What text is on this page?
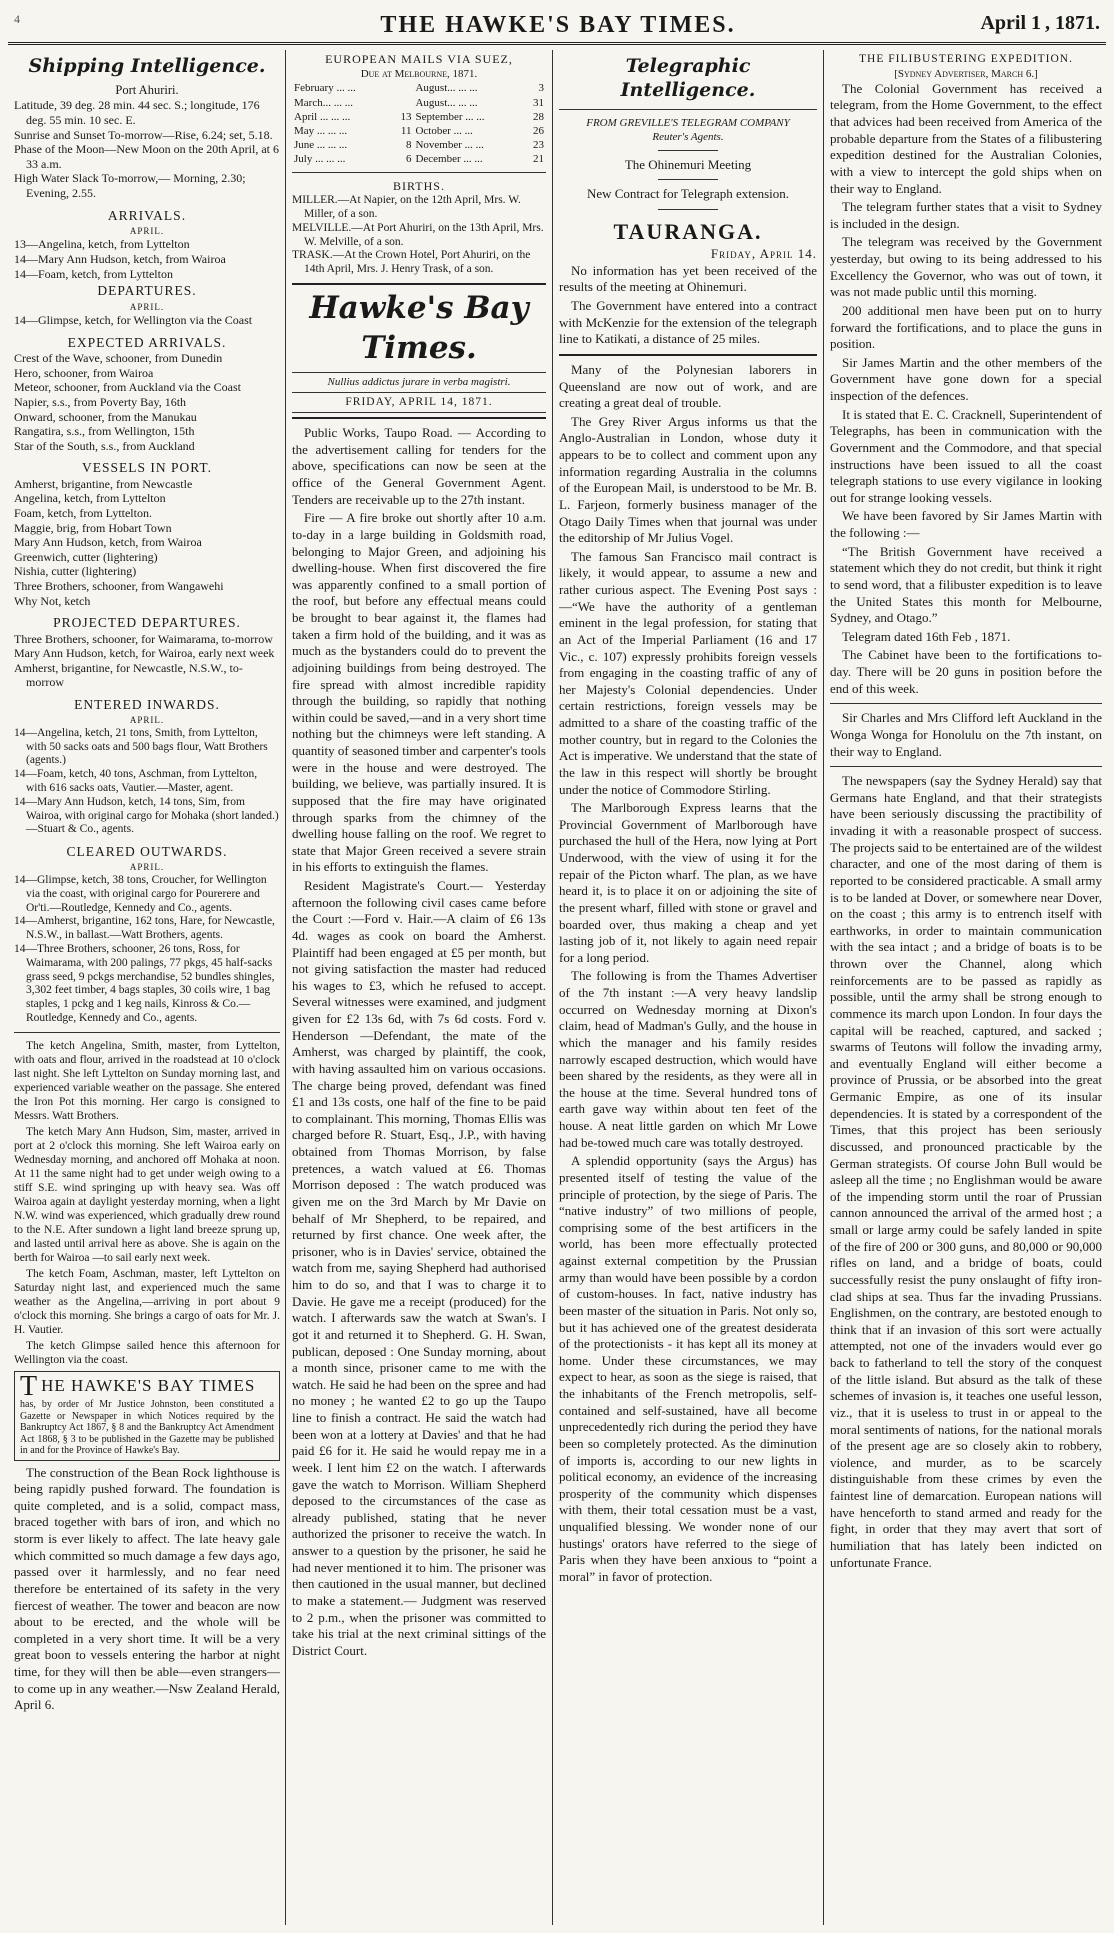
4	THE HAWKE'S BAY TIMES.	April 1 , 1871.
Shipping Intelligence.
Port Ahuriri.
Latitude, 39 deg. 28 min. 44 sec. S.; longitude, 176 deg. 55 min. 10 sec. E.
Sunrise and Sunset To-morrow—Rise, 6.24; set, 5.18.
Phase of the Moon—New Moon on the 20th April, at 6 33 a.m.
High Water Slack To-morrow,— Morning, 2.30; Evening, 2.55.
ARRIVALS.
APRIL.
13—Angelina, ketch, from Lyttelton
14—Mary Ann Hudson, ketch, from Wairoa
14—Foam, ketch, from Lyttelton
DEPARTURES.
APRIL.
14—Glimpse, ketch, for Wellington via the Coast
EXPECTED ARRIVALS.
Crest of the Wave, schooner, from Dunedin
Hero, schooner, from Wairoa
Meteor, schooner, from Auckland via the Coast
Napier, s.s., from Poverty Bay, 16th
Onward, schooner, from the Manukau
Rangatira, s.s., from Wellington, 15th
Star of the South, s.s., from Auckland
VESSELS IN PORT.
Amherst, brigantine, from Newcastle
Angelina, ketch, from Lyttelton
Foam, ketch, from Lyttelton.
Maggie, brig, from Hobart Town
Mary Ann Hudson, ketch, from Wairoa
Greenwich, cutter (lightering)
Nishia, cutter (lightering)
Three Brothers, schooner, from Wangawehi
Why Not, ketch
PROJECTED DEPARTURES.
Three Brothers, schooner, for Waimarama, to-morrow
Mary Ann Hudson, ketch, for Wairoa, early next week
Amherst, brigantine, for Newcastle, N.S.W., to-morrow
ENTERED INWARDS.
APRIL.
14—Angelina, ketch, 21 tons, Smith, from Lyttelton, with 50 sacks oats and 500 bags flour, Watt Brothers (agents.)
14—Foam, ketch, 40 tons, Aschman, from Lyttelton, with 616 sacks oats, Vautier.—Master, agent.
14—Mary Ann Hudson, ketch, 14 tons, Sim, from Wairoa, with original cargo for Mohaka (short landed.)—Stuart & Co., agents.
CLEARED OUTWARDS.
APRIL.
14—Glimpse, ketch, 38 tons, Croucher, for Wellington via the coast, with original cargo for Pourerere and Or'ti.—Routledge, Kennedy and Co., agents.
14—Amherst, brigantine, 162 tons, Hare, for Newcastle, N.S.W., in ballast.—Watt Brothers, agents.
14—Three Brothers, schooner, 26 tons, Ross, for Waimarama, with 200 palings, 77 pkgs, 45 half-sacks grass seed, 9 pckgs merchandise, 52 bundles shingles, 3,302 feet timber, 4 bags staples, 30 coils wire, 1 bag staples, 1 pckg and 1 keg nails, Kinross & Co.—Routledge, Kennedy and Co., agents.
The ketch Angelina, Smith, master, from Lyttelton, with oats and flour, arrived in the roadstead at 10 o'clock last night. She left Lyttelton on Sunday morning last, and experienced variable weather on the passage. She entered the Iron Pot this morning. Her cargo is consigned to Messrs. Watt Brothers.
The ketch Mary Ann Hudson, Sim, master, arrived in port at 2 o'clock this morning. She left Wairoa early on Wednesday morning, and anchored off Mohaka at noon. At 11 the same night had to get under weigh owing to a stiff S.E. wind springing up with heavy sea. Was off Wairoa again at daylight yesterday morning, when a light N.W. wind was experienced, which gradually drew round to the N.E. After sundown a light land breeze sprung up, and lasted until arrival here as above. She is again on the berth for Wairoa —to sail early next week.
The ketch Foam, Aschman, master, left Lyttelton on Saturday night last, and experienced much the same weather as the Angelina,—arriving in port about 9 o'clock this morning. She brings a cargo of oats for Mr. J. H. Vautier.
The ketch Glimpse sailed hence this afternoon for Wellington via the coast.
THE HAWKE'S BAY TIMES
has, by order of Mr Justice Johnston, been constituted a Gazette or Newspaper in which Notices required by the Bankruptcy Act 1867, § 8 and the Bankruptcy Act Amendment Act 1868, § 3 to be published in the Gazette may be published in and for the Province of Hawke's Bay.
The construction of the Bean Rock lighthouse is being rapidly pushed forward. The foundation is quite completed, and is a solid, compact mass, braced together with bars of iron, and which no storm is ever likely to affect. The late heavy gale which committed so much damage a few days ago, passed over it harmlessly, and no fear need therefore be entertained of its safety in the very fiercest of weather. The tower and beacon are now about to be erected, and the whole will be completed in a very short time. It will be a very great boon to vessels entering the harbor at night time, for they will then be able—even strangers—to come up in any weather.—Nsw Zealand Herald, April 6.
EUROPEAN MAILS VIA SUEZ,
Due at Melbourne, 1871.
February ... ...		August... ... ...	3
March... ... ...		August... ... ...	31
April ... ... ...	13	September ... ...	28
May ... ... ...	11	October ... ...	26
June ... ... ...	8	November ... ...	23
July ... ... ...	6	December ... ...	21
BIRTHS.
MILLER.—At Napier, on the 12th April, Mrs. W. Miller, of a son.
MELVILLE.—At Port Ahuriri, on the 13th April, Mrs. W. Melville, of a son.
TRASK.—At the Crown Hotel, Port Ahuriri, on the 14th April, Mrs. J. Henry Trask, of a son.
Hawke's Bay Times.
Nullius addictus jurare in verba magistri.
FRIDAY, APRIL 14, 1871.
Public Works, Taupo Road. — According to the advertisement calling for tenders for the above, specifications can now be seen at the office of the General Government Agent. Tenders are receivable up to the 27th instant.
Fire — A fire broke out shortly after 10 a.m. to-day in a large building in Goldsmith road, belonging to Major Green, and adjoining his dwelling-house. When first discovered the fire was apparently confined to a small portion of the roof, but before any effectual means could be brought to bear against it, the flames had taken a firm hold of the building, and it was as much as the bystanders could do to prevent the adjoining buildings from being destroyed. The fire spread with almost incredible rapidity through the building, so rapidly that nothing within could be saved,—and in a very short time nothing but the chimneys were left standing. A quantity of seasoned timber and carpenter's tools were in the house and were destroyed. The building, we believe, was partially insured. It is supposed that the fire may have originated through sparks from the chimney of the dwelling house falling on the roof. We regret to state that Major Green received a severe strain in his efforts to extinguish the flames.
Resident Magistrate's Court.— Yesterday afternoon the following civil cases came before the Court :—Ford v. Hair.—A claim of £6 13s 4d. wages as cook on board the Amherst. Plaintiff had been engaged at £5 per month, but not giving satisfaction the master had reduced his wages to £3, which he refused to accept. Several witnesses were examined, and judgment given for £2 13s 6d, with 7s 6d costs. Ford v. Henderson —Defendant, the mate of the Amherst, was charged by plaintiff, the cook, with having assaulted him on various occasions. The charge being proved, defendant was fined £1 and 13s costs, one half of the fine to be paid to complainant. This morning, Thomas Ellis was charged before R. Stuart, Esq., J.P., with having obtained from Thomas Morrison, by false pretences, a watch valued at £6. Thomas Morrison deposed : The watch produced was given me on the 3rd March by Mr Davie on behalf of Mr Shepherd, to be repaired, and returned by first chance. One week after, the prisoner, who is in Davies' service, obtained the watch from me, saying Shepherd had authorised him to do so, and that I was to charge it to Davie. He gave me a receipt (produced) for the watch. I afterwards saw the watch at Swan's. I got it and returned it to Shepherd. G. H. Swan, publican, deposed : One Sunday morning, about a month since, prisoner came to me with the watch. He said he had been on the spree and had no money ; he wanted £2 to go up the Taupo line to finish a contract. He said the watch had been won at a lottery at Davies' and that he had paid £6 for it. He said he would repay me in a week. I lent him £2 on the watch. I afterwards gave the watch to Morrison. William Shepherd deposed to the circumstances of the case as already published, stating that he never authorized the prisoner to receive the watch. In answer to a question by the prisoner, he said he had never mentioned it to him. The prisoner was then cautioned in the usual manner, but declined to make a statement.— Judgment was reserved to 2 p.m., when the prisoner was committed to take his trial at the next criminal sittings of the District Court.
Telegraphic Intelligence.
FROM GREVILLE'S TELEGRAM COMPANY
Reuter's Agents.
The Ohinemuri Meeting
New Contract for Telegraph extension.
TAURANGA.
Friday, April 14.
No information has yet been received of the results of the meeting at Ohinemuri.
The Government have entered into a contract with McKenzie for the extension of the telegraph line to Katikati, a distance of 25 miles.
Many of the Polynesian laborers in Queensland are now out of work, and are creating a great deal of trouble.
The Grey River Argus informs us that the Anglo-Australian in London, whose duty it appears to be to collect and comment upon any information regarding Australia in the columns of the European Mail, is understood to be Mr. B. L. Farjeon, formerly business manager of the Otago Daily Times when that journal was under the editorship of Mr Julius Vogel.
The famous San Francisco mail contract is likely, it would appear, to assume a new and rather curious aspect. The Evening Post says :—“We have the authority of a gentleman eminent in the legal profession, for stating that an Act of the Imperial Parliament (16 and 17 Vic., c. 107) expressly prohibits foreign vessels from engaging in the coasting traffic of any of her Majesty's Colonial dependencies. Under certain restrictions, foreign vessels may be admitted to a share of the coasting traffic of the mother country, but in regard to the Colonies the Act is imperative. We understand that the state of the law in this respect will shortly be brought under the notice of Commodore Stirling.
The Marlborough Express learns that the Provincial Government of Marlborough have purchased the hull of the Hera, now lying at Port Underwood, with the view of using it for the repair of the Picton wharf. The plan, as we have heard it, is to place it on or adjoining the site of the present wharf, filled with stone or gravel and boarded over, thus making a cheap and yet lasting job of it, not likely to again need repair for a long period.
The following is from the Thames Advertiser of the 7th instant :—A very heavy landslip occurred on Wednesday morning at Dixon's claim, head of Madman's Gully, and the house in which the manager and his family resides narrowly escaped destruction, which would have been shared by the residents, as they were all in the house at the time. Several hundred tons of earth gave way within about ten feet of the house. A neat little garden on which Mr Lowe had be-towed much care was totally destroyed.
A splendid opportunity (says the Argus) has presented itself of testing the value of the principle of protection, by the siege of Paris. The “native industry” of two millions of people, comprising some of the best artificers in the world, has been more effectually protected against external competition by the Prussian army than would have been possible by a cordon of custom-houses. In fact, native industry has been master of the situation in Paris. Not only so, but it has achieved one of the greatest desiderata of the protectionists - it has kept all its money at home. Under these circumstances, we may expect to hear, as soon as the siege is raised, that the inhabitants of the French metropolis, self-contained and self-sustained, have all become unprecedentedly rich during the period they have been so completely protected. As the diminution of imports is, according to our new lights in political economy, an evidence of the increasing prosperity of the community which dispenses with them, their total cessation must be a vast, unqualified blessing. We wonder none of our hustings' orators have referred to the siege of Paris when they have been anxious to “point a moral” in favor of protection.
THE FILIBUSTERING EXPEDITION.
[Sydney Advertiser, March 6.]
The Colonial Government has received a telegram, from the Home Government, to the effect that advices had been received from America of the probable departure from the States of a filibustering expedition destined for the Australian Colonies, with a view to intercept the gold ships when on their way to England.
The telegram further states that a visit to Sydney is included in the design.
The telegram was received by the Government yesterday, but owing to its being addressed to his Excellency the Governor, who was out of town, it was not made public until this morning.
200 additional men have been put on to hurry forward the fortifications, and to place the guns in position.
Sir James Martin and the other members of the Government have gone down for a special inspection of the defences.
It is stated that E. C. Cracknell, Superintendent of Telegraphs, has been in communication with the Government and the Commodore, and that special instructions have been issued to all the coast telegraph stations to use every vigilance in looking out for strange looking vessels.
We have been favored by Sir James Martin with the following :—
“The British Government have received a statement which they do not credit, but think it right to send word, that a filibuster expedition is to leave the United States this month for Melbourne, Sydney, and Otago.”
Telegram dated 16th Feb , 1871.
The Cabinet have been to the fortifications to-day. There will be 20 guns in position before the end of this week.
Sir Charles and Mrs Clifford left Auckland in the Wonga Wonga for Honolulu on the 7th instant, on their way to England.
The newspapers (say the Sydney Herald) say that Germans hate England, and that their strategists have been seriously discussing the practibility of invading it with a reasonable prospect of success. The projects said to be entertained are of the wildest character, and one of the most daring of them is reported to be considered practicable. A small army is to be landed at Dover, or somewhere near Dover, on the coast ; this army is to entrench itself with earthworks, in order to maintain communication with the sea intact ; and a bridge of boats is to be thrown over the Channel, along which reinforcements are to be passed as rapidly as possible, until the army shall be strong enough to commence its march upon London. In four days the capital will be reached, captured, and sacked ; swarms of Teutons will follow the invading army, and eventually England will either become a province of Prussia, or be absorbed into the great Germanic Empire, as one of its insular dependencies. It is stated by a correspondent of the Times, that this project has been seriously discussed, and pronounced practicable by the German strategists. Of course John Bull would be asleep all the time ; no Englishman would be aware of the impending storm until the roar of Prussian cannon announced the arrival of the armed host ; a small or large army could be safely landed in spite of the fire of 200 or 300 guns, and 80,000 or 90,000 rifles on land, and a bridge of boats, could successfully resist the puny onslaught of fifty iron-clad ships at sea. Thus far the invading Prussians. Englishmen, on the contrary, are bestoted enough to think that if an invasion of this sort were actually attempted, not one of the invaders would ever go back to fatherland to tell the story of the conquest of the little island. But absurd as the talk of these schemes of invasion is, it teaches one useful lesson, viz., that it is useless to trust in or appeal to the moral sentiments of nations, for the national morals of the present age are so closely akin to robbery, violence, and murder, as to be scarcely distinguishable from these crimes by even the faintest line of demarcation. European nations will have henceforth to stand armed and ready for the fight, in order that they may avert that sort of humiliation that has lately been indicted on unfortunate France.
